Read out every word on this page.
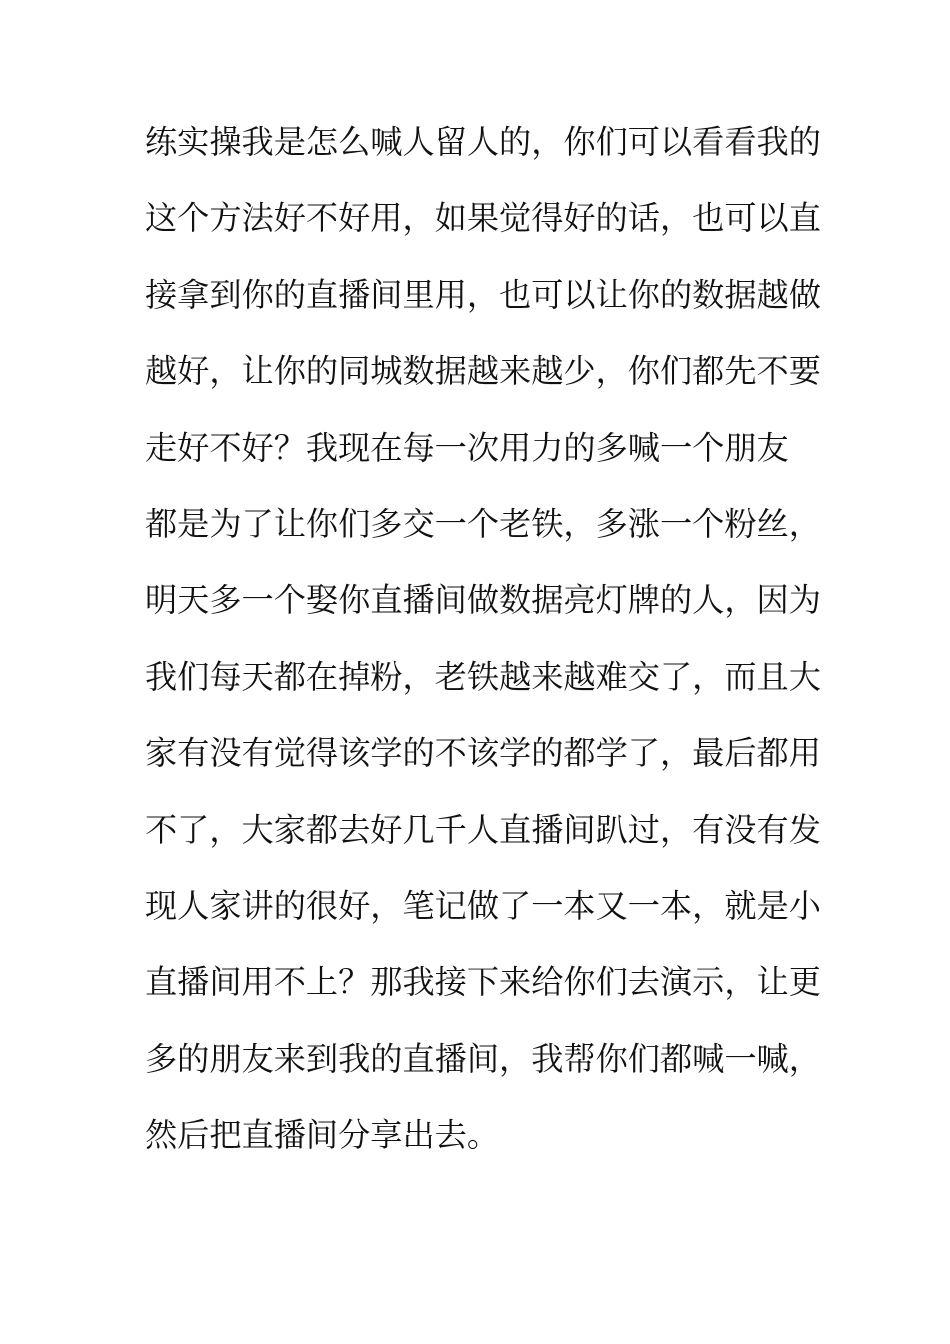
练实操我是怎么喊人留人的，你们可以看看我的
这个方法好不好用，如果觉得好的话，也可以直
接拿到你的直播间里用，也可以让你的数据越做
越好，让你的同城数据越来越少，你们都先不要
走好不好？我现在每一次用力的多喊一个朋友
都是为了让你们多交一个老铁，多涨一个粉丝，
明天多一个娶你直播间做数据亮灯牌的人，因为
我们每天都在掉粉，老铁越来越难交了，而且大
家有没有觉得该学的不该学的都学了，最后都用
不了，大家都去好几千人直播间趴过，有没有发
现人家讲的很好，笔记做了一本又一本，就是小
直播间用不上？那我接下来给你们去演示，让更
多的朋友来到我的直播间，我帮你们都喊一喊，
然后把直播间分享出去。
